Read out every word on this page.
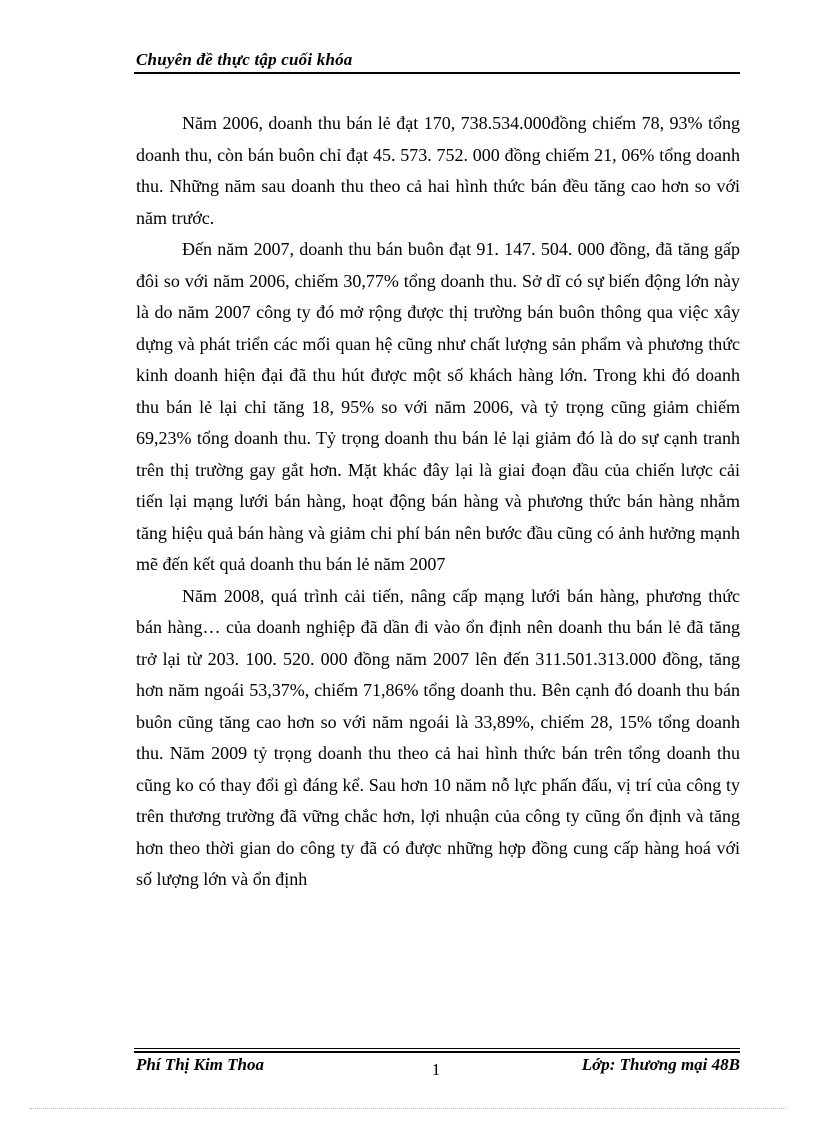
Chuyên đề thực tập cuối khóa

Năm 2006, doanh thu bán lẻ đạt 170, 738.534.000đồng chiếm 78, 93% tổng doanh thu, còn bán buôn chỉ đạt 45. 573. 752. 000 đồng chiếm 21, 06% tổng doanh thu. Những năm sau doanh thu theo cả hai hình thức bán đều tăng cao hơn so với năm trước.

Đến năm 2007, doanh thu bán buôn đạt 91. 147. 504. 000 đồng, đã tăng gấp đôi so với năm 2006, chiếm 30,77% tổng doanh thu. Sở dĩ có sự biến động lớn này là do năm 2007 công ty đó mở rộng được thị trường bán buôn thông qua việc xây dựng và phát triển các mối quan hệ cũng như chất lượng sản phẩm và phương thức kinh doanh hiện đại đã thu hút được một số khách hàng lớn. Trong khi đó doanh thu bán lẻ lại chỉ tăng 18, 95% so với năm 2006, và tỷ trọng cũng giảm chiếm 69,23% tổng doanh thu. Tỷ trọng doanh thu bán lẻ lại giảm đó là do sự cạnh tranh trên thị trường gay gắt hơn. Mặt khác đây lại là giai đoạn đầu của chiến lược cải tiến lại mạng lưới bán hàng, hoạt động bán hàng và phương thức bán hàng nhằm tăng hiệu quả bán hàng và giảm chi phí bán nên bước đầu cũng có ảnh hưởng mạnh mẽ đến kết quả doanh thu bán lẻ năm 2007

Năm 2008, quá trình cải tiến, nâng cấp mạng lưới bán hàng, phương thức bán hàng… của doanh nghiệp đã dần đi vào ổn định nên doanh thu bán lẻ đã tăng trở lại từ 203. 100. 520. 000 đồng năm 2007 lên đến 311.501.313.000 đồng, tăng hơn năm ngoái 53,37%, chiếm 71,86% tổng doanh thu. Bên cạnh đó doanh thu bán buôn cũng tăng cao hơn so với năm ngoái là 33,89%, chiếm 28, 15% tổng doanh thu. Năm 2009 tỷ trọng doanh thu theo cả hai hình thức bán trên tổng doanh thu cũng ko có thay đổi gì đáng kể. Sau hơn 10 năm nỗ lực phấn đấu, vị trí của công ty trên thương trường đã vững chắc hơn, lợi nhuận của công ty cũng ổn định và tăng hơn theo thời gian do công ty đã có được những hợp đồng cung cấp hàng hoá với số lượng lớn và ổn định

Phí Thị Kim Thoa	1	Lớp: Thương mại 48B
